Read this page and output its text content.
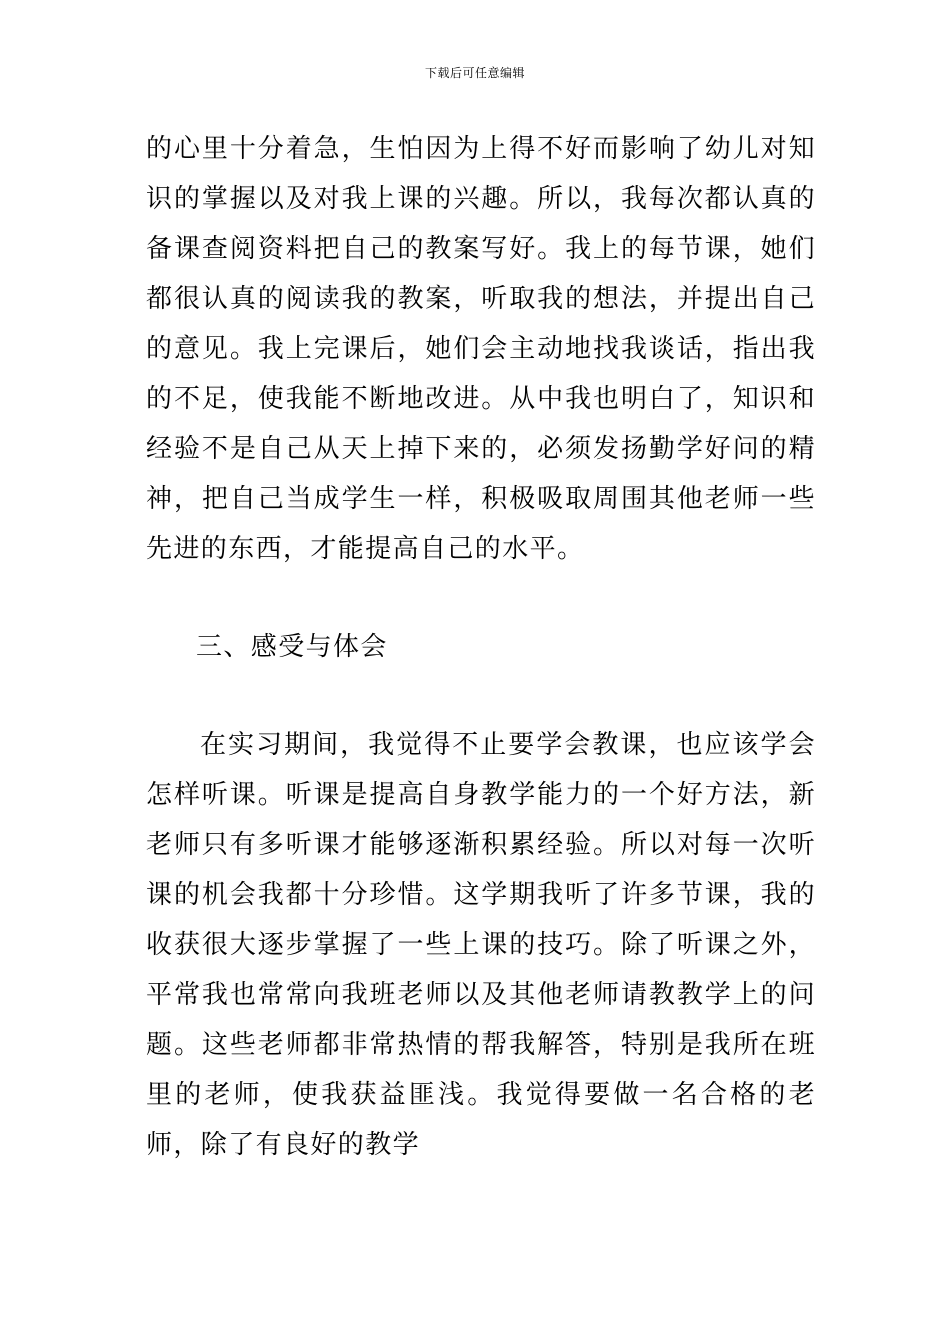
下载后可任意编辑

的心里十分着急，生怕因为上得不好而影响了幼儿对知识的掌握以及对我上课的兴趣。所以，我每次都认真的备课查阅资料把自己的教案写好。我上的每节课，她们都很认真的阅读我的教案，听取我的想法，并提出自己的意见。我上完课后，她们会主动地找我谈话，指出我的不足，使我能不断地改进。从中我也明白了，知识和经验不是自己从天上掉下来的，必须发扬勤学好问的精神，把自己当成学生一样，积极吸取周围其他老师一些先进的东西，才能提高自己的水平。

三、感受与体会

在实习期间，我觉得不止要学会教课，也应该学会怎样听课。听课是提高自身教学能力的一个好方法，新老师只有多听课才能够逐渐积累经验。所以对每一次听课的机会我都十分珍惜。这学期我听了许多节课，我的收获很大逐步掌握了一些上课的技巧。除了听课之外，平常我也常常向我班老师以及其他老师请教教学上的问题。这些老师都非常热情的帮我解答，特别是我所在班里的老师，使我获益匪浅。我觉得要做一名合格的老师，除了有良好的教学
